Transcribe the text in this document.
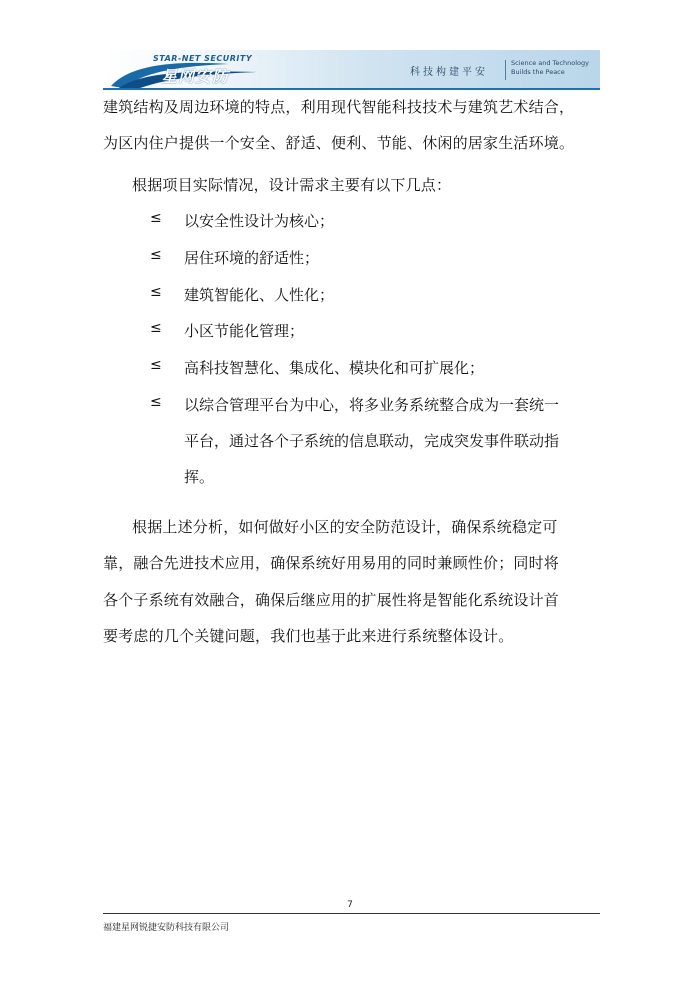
STAR-NET SECURITY
星网安防	科技构建平安
Science and Technology
Builds the Peace
建筑结构及周边环境的特点，利用现代智能科技技术与建筑艺术结合，
为区内住户提供一个安全、舒适、便利、节能、休闲的居家生活环境。
根据项目实际情况，设计需求主要有以下几点：
≤ 以安全性设计为核心；
≤ 居住环境的舒适性；
≤ 建筑智能化、人性化；
≤ 小区节能化管理；
≤ 高科技智慧化、集成化、模块化和可扩展化；
≤ 以综合管理平台为中心，将多业务系统整合成为一套统一
平台，通过各个子系统的信息联动，完成突发事件联动指
挥。
根据上述分析，如何做好小区的安全防范设计，确保系统稳定可
靠，融合先进技术应用，确保系统好用易用的同时兼顾性价；同时将
各个子系统有效融合，确保后继应用的扩展性将是智能化系统设计首
要考虑的几个关键问题，我们也基于此来进行系统整体设计。
7
福建星网锐捷安防科技有限公司
